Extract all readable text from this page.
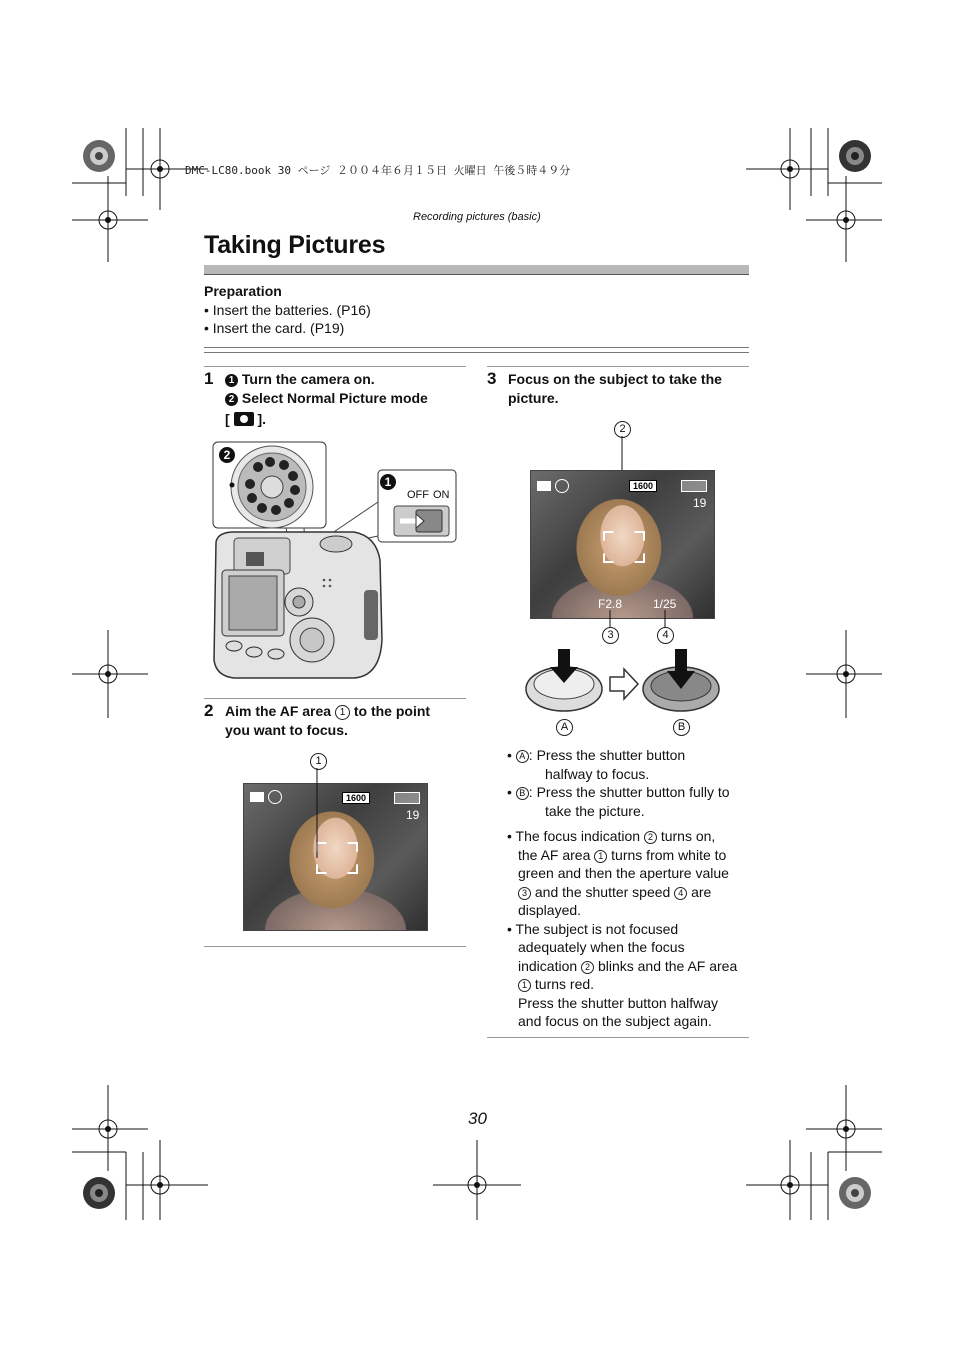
DMC-LC80.book 30 ページ ２００４年６月１５日 火曜日 午後５時４９分
Recording pictures (basic)
Taking Pictures
Preparation
• Insert the batteries. (P16)
• Insert the card. (P19)
1	1 Turn the camera on.
2 Select Normal Picture mode
[ ].
2
1
OFF ON
2 Aim the AF area 1 to the point
you want to focus.
1
1600
19
3 Focus on the subject to take the
picture.
2
1600
19
F2.8	1/25
3	4
A	B
• A : Press the shutter button
halfway to focus.
• B : Press the shutter button fully to
take the picture.
• The focus indication 2 turns on,
the AF area 1 turns from white to
green and then the aperture value
3 and the shutter speed 4 are
displayed.
• The subject is not focused
adequately when the focus
indication 2 blinks and the AF area
1 turns red.
Press the shutter button halfway
and focus on the subject again.
30
